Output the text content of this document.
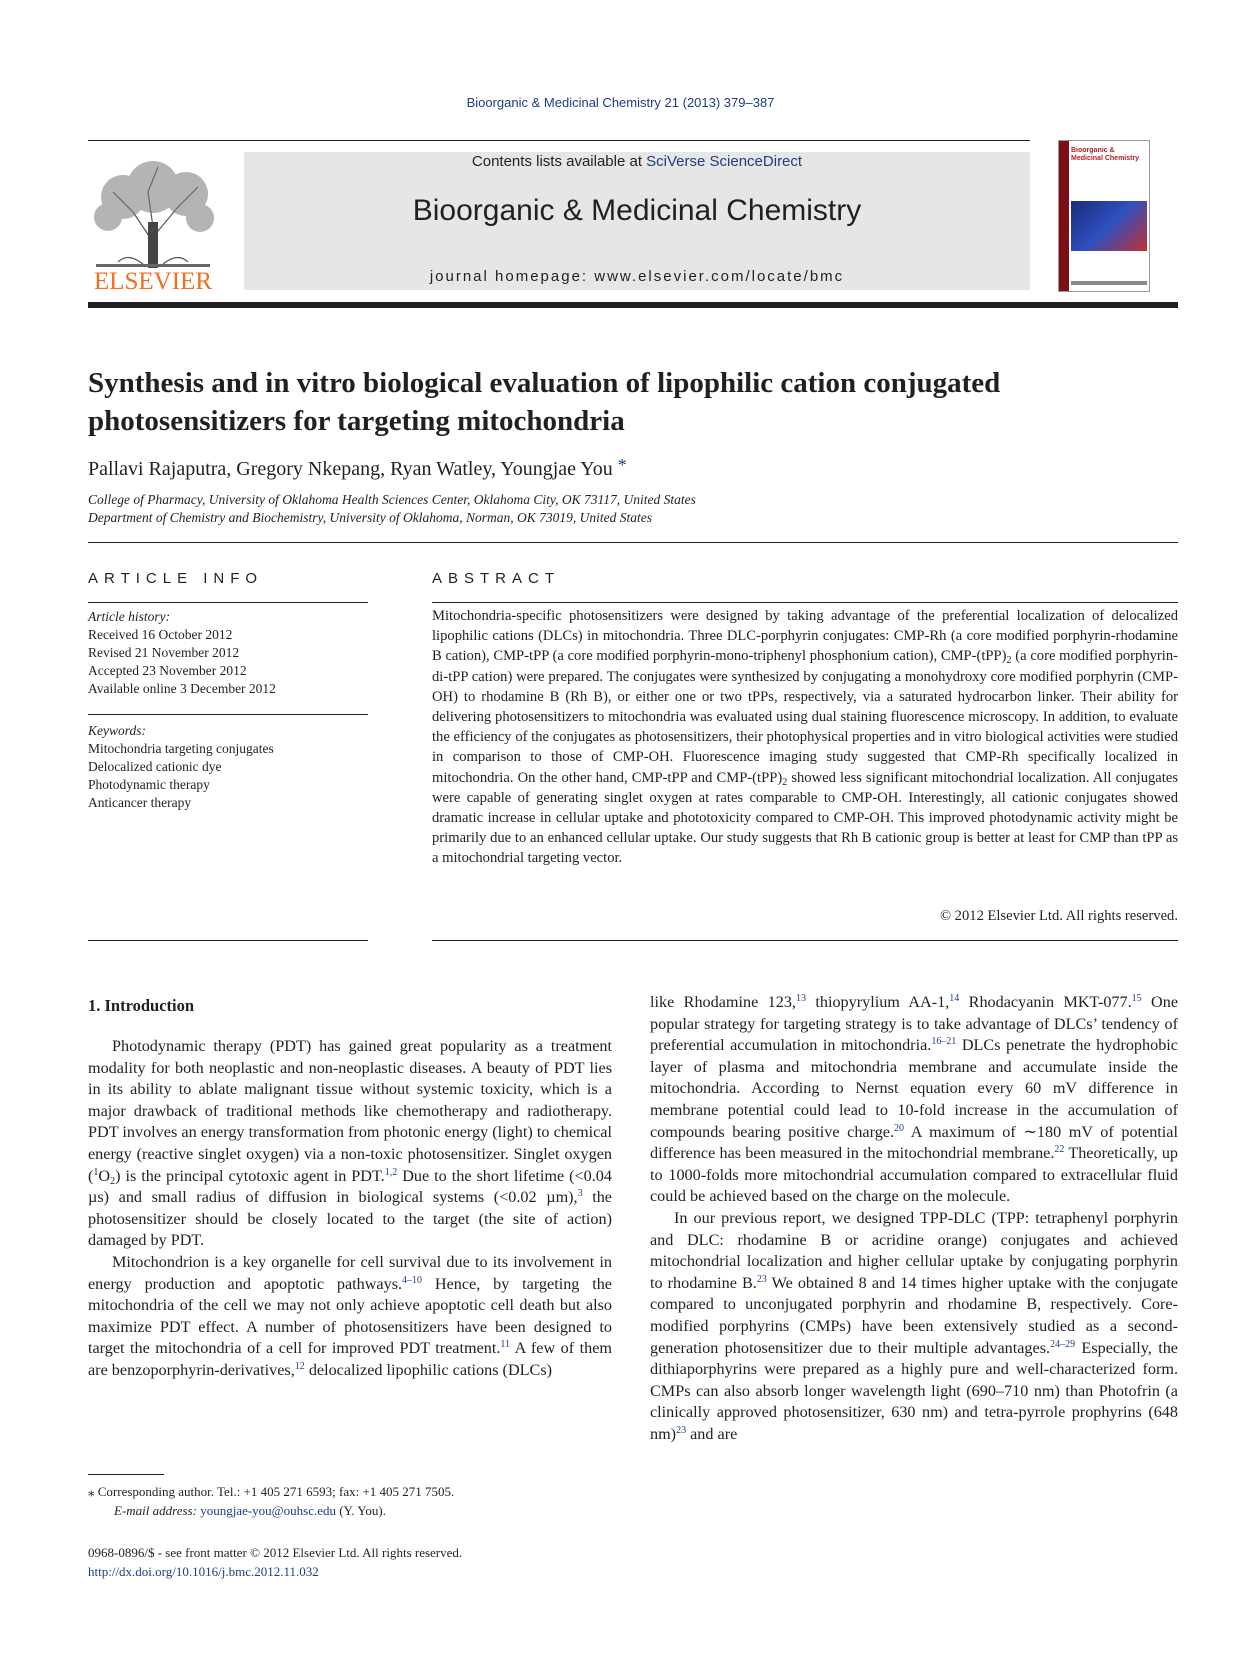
Bioorganic & Medicinal Chemistry 21 (2013) 379–387
ELSEVIER
Contents lists available at SciVerse ScienceDirect
Bioorganic & Medicinal Chemistry
journal homepage: www.elsevier.com/locate/bmc
Bioorganic & Medicinal Chemistry
Synthesis and in vitro biological evaluation of lipophilic cation conjugated photosensitizers for targeting mitochondria
Pallavi Rajaputra, Gregory Nkepang, Ryan Watley, Youngjae You *
College of Pharmacy, University of Oklahoma Health Sciences Center, Oklahoma City, OK 73117, United States
Department of Chemistry and Biochemistry, University of Oklahoma, Norman, OK 73019, United States
ARTICLE INFO
Article history:
Received 16 October 2012
Revised 21 November 2012
Accepted 23 November 2012
Available online 3 December 2012
Keywords:
Mitochondria targeting conjugates
Delocalized cationic dye
Photodynamic therapy
Anticancer therapy
ABSTRACT

Mitochondria-specific photosensitizers were designed by taking advantage of the preferential localization of delocalized lipophilic cations (DLCs) in mitochondria. Three DLC-porphyrin conjugates: CMP-Rh (a core modified porphyrin-rhodamine B cation), CMP-tPP (a core modified porphyrin-mono-triphenyl phosphonium cation), CMP-$(tPP)_2$ (a core modified porphyrin-di-tPP cation) were prepared. The conjugates were synthesized by conjugating a monohydroxy core modified porphyrin (CMP-OH) to rhodamine B (Rh B), or either one or two tPPs, respectively, via a saturated hydrocarbon linker. Their ability for delivering photosensitizers to mitochondria was evaluated using dual staining fluorescence microscopy. In addition, to evaluate the efficiency of the conjugates as photosensitizers, their photophysical properties and in vitro biological activities were studied in comparison to those of CMP-OH. Fluorescence imaging study suggested that CMP-Rh specifically localized in mitochondria. On the other hand, CMP-tPP and CMP-$(tPP)_2$ showed less significant mitochondrial localization. All conjugates were capable of generating singlet oxygen at rates comparable to CMP-OH. Interestingly, all cationic conjugates showed dramatic increase in cellular uptake and phototoxicity compared to CMP-OH. This improved photodynamic activity might be primarily due to an enhanced cellular uptake. Our study suggests that Rh B cationic group is better at least for CMP than tPP as a mitochondrial targeting vector.

© 2012 Elsevier Ltd. All rights reserved.
1. Introduction

Photodynamic therapy (PDT) has gained great popularity as a treatment modality for both neoplastic and non-neoplastic diseases. A beauty of PDT lies in its ability to ablate malignant tissue without systemic toxicity, which is a major drawback of traditional methods like chemotherapy and radiotherapy. PDT involves an energy transformation from photonic energy (light) to chemical energy (reactive singlet oxygen) via a non-toxic photosensitizer. Singlet oxygen $(^1O_2)$ is the principal cytotoxic agent in PDT.$^{1,2}$ Due to the short lifetime (<0.04 µs) and small radius of diffusion in biological systems (<0.02 µm),$^3$ the photosensitizer should be closely located to the target (the site of action) damaged by PDT.

Mitochondrion is a key organelle for cell survival due to its involvement in energy production and apoptotic pathways.$^{4-10}$ Hence, by targeting the mitochondria of the cell we may not only achieve apoptotic cell death but also maximize PDT effect. A number of photosensitizers have been designed to target the mitochondria of a cell for improved PDT treatment.$^{11}$ A few of them are benzoporphyrin-derivatives,$^{12}$ delocalized lipophilic cations (DLCs)

like Rhodamine 123,13 thiopyrylium AA-1,14 Rhodacyanin MKT-077.15 One popular strategy for targeting strategy is to take advantage of DLCs’ tendency of preferential accumulation in mitochondria.$^{16-21}$ DLCs penetrate the hydrophobic layer of plasma and mitochondria membrane and accumulate inside the mitochondria. According to Nernst equation every 60 mV difference in membrane potential could lead to 10-fold increase in the accumulation of compounds bearing positive charge.$^{20}$ A maximum of ∼180 mV of potential difference has been measured in the mitochondrial membrane.$^{22}$ Theoretically, up to 1000-folds more mitochondrial accumulation compared to extracellular fluid could be achieved based on the charge on the molecule.

In our previous report, we designed TPP-DLC (TPP: tetraphenyl porphyrin and DLC: rhodamine B or acridine orange) conjugates and achieved mitochondrial localization and higher cellular uptake by conjugating porphyrin to rhodamine B.$^{23}$ We obtained 8 and 14 times higher uptake with the conjugate compared to unconjugated porphyrin and rhodamine B, respectively. Core-modified porphyrins (CMPs) have been extensively studied as a second-generation photosensitizer due to their multiple advantages.$^{24-29}$ Especially, the dithiaporphyrins were prepared as a highly pure and well-characterized form. CMPs can also absorb longer wavelength light (690–710 nm) than Photofrin (a clinically approved photosensitizer, 630 nm) and tetra-pyrrole prophyrins (648 nm)$^{23}$ and are

⁎ Corresponding author. Tel.: +1 405 271 6593; fax: +1 405 271 7505.
E-mail address: youngjae-you@ouhsc.edu (Y. You).
0968-0896/$ - see front matter © 2012 Elsevier Ltd. All rights reserved.
http://dx.doi.org/10.1016/j.bmc.2012.11.032
